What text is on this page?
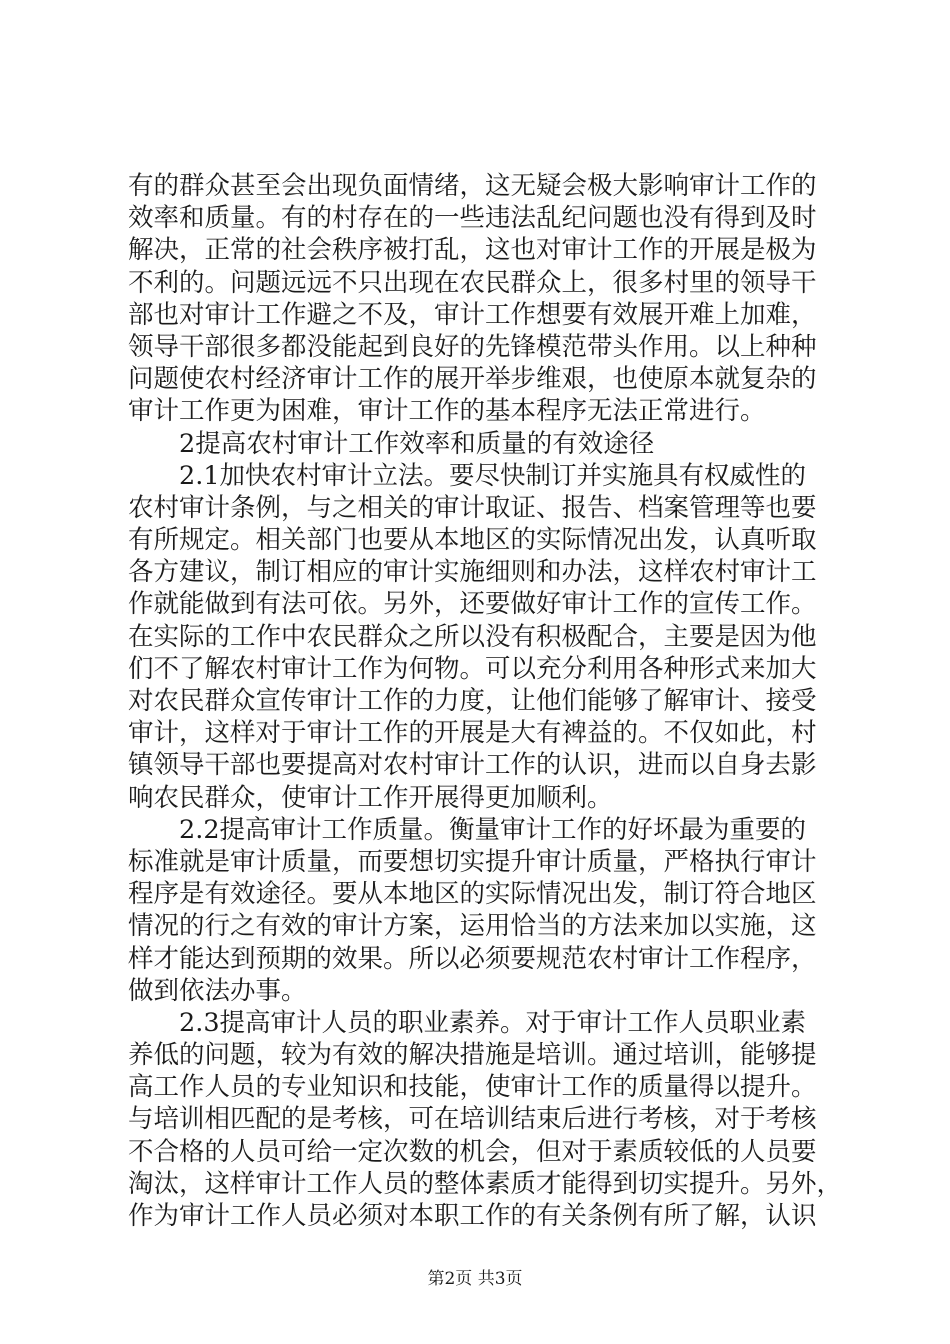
有的群众甚至会出现负面情绪，这无疑会极大影响审计工作的
效率和质量。有的村存在的一些违法乱纪问题也没有得到及时
解决，正常的社会秩序被打乱，这也对审计工作的开展是极为
不利的。问题远远不只出现在农民群众上，很多村里的领导干
部也对审计工作避之不及，审计工作想要有效展开难上加难，
领导干部很多都没能起到良好的先锋模范带头作用。以上种种
问题使农村经济审计工作的展开举步维艰，也使原本就复杂的
审计工作更为困难，审计工作的基本程序无法正常进行。
　　2提高农村审计工作效率和质量的有效途径
　　2.1加快农村审计立法。要尽快制订并实施具有权威性的
农村审计条例，与之相关的审计取证、报告、档案管理等也要
有所规定。相关部门也要从本地区的实际情况出发，认真听取
各方建议，制订相应的审计实施细则和办法，这样农村审计工
作就能做到有法可依。另外，还要做好审计工作的宣传工作。
在实际的工作中农民群众之所以没有积极配合，主要是因为他
们不了解农村审计工作为何物。可以充分利用各种形式来加大
对农民群众宣传审计工作的力度，让他们能够了解审计、接受
审计，这样对于审计工作的开展是大有裨益的。不仅如此，村
镇领导干部也要提高对农村审计工作的认识，进而以自身去影
响农民群众，使审计工作开展得更加顺利。
　　2.2提高审计工作质量。衡量审计工作的好坏最为重要的
标准就是审计质量，而要想切实提升审计质量，严格执行审计
程序是有效途径。要从本地区的实际情况出发，制订符合地区
情况的行之有效的审计方案，运用恰当的方法来加以实施，这
样才能达到预期的效果。所以必须要规范农村审计工作程序，
做到依法办事。
　　2.3提高审计人员的职业素养。对于审计工作人员职业素
养低的问题，较为有效的解决措施是培训。通过培训，能够提
高工作人员的专业知识和技能，使审计工作的质量得以提升。
与培训相匹配的是考核，可在培训结束后进行考核，对于考核
不合格的人员可给一定次数的机会，但对于素质较低的人员要
淘汰，这样审计工作人员的整体素质才能得到切实提升。另外，
作为审计工作人员必须对本职工作的有关条例有所了解，认识
第2页 共3页
